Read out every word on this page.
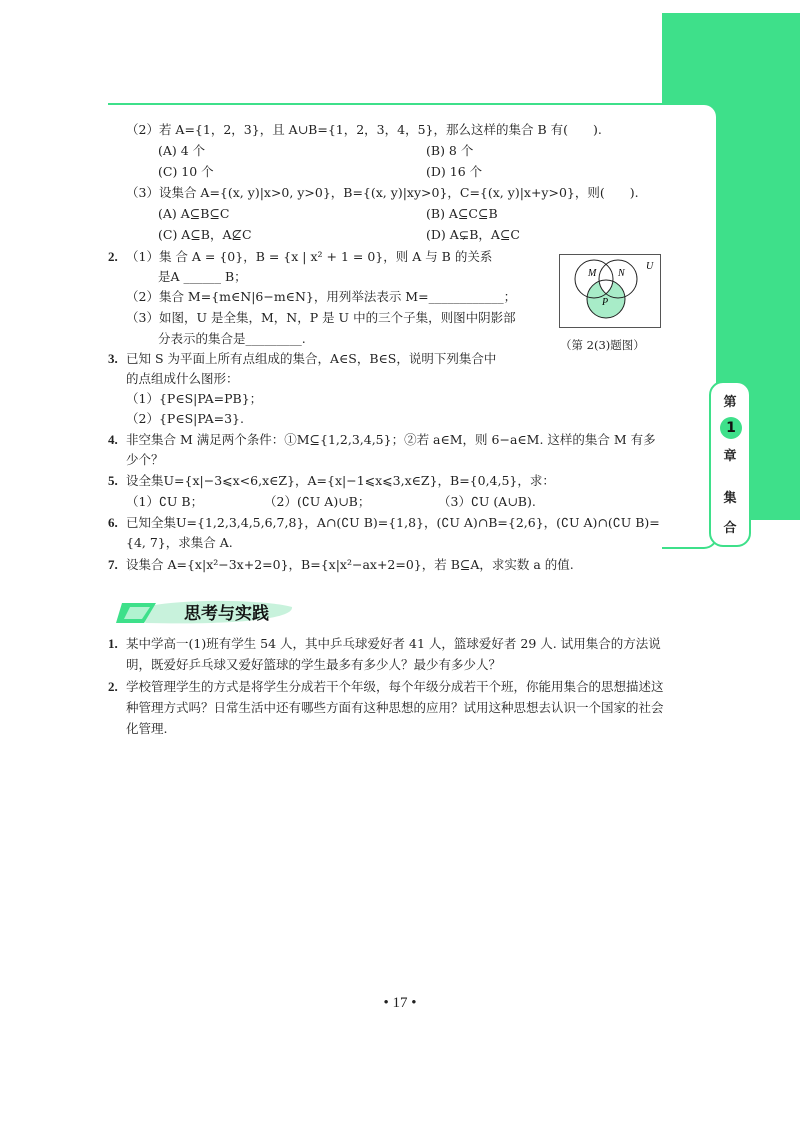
第
1
章
集
合
（2）若 A={1，2，3}，且 A∪B={1，2，3，4，5}，那么这样的集合 B 有(　　).
(A) 4 个	(B) 8 个
(C) 10 个	(D) 16 个
（3）设集合 A={(x, y)|x>0, y>0}，B={(x, y)|xy>0}，C={(x, y)|x+y>0}，则(　　).
(A) A⊆B⊆C	(B) A⊆C⊆B
(C) A⊆B，A⊈C	(D) A⊊B，A⊆C
2. （1）集 合 A = {0}，B = {x | x² + 1 = 0}，则 A 与 B 的关系
是A ______ B；
（2）集合 M={m∈N|6−m∈N}，用列举法表示 M=____________；
（3）如图，U 是全集，M，N，P 是 U 中的三个子集，则图中阴影部
分表示的集合是_________.
M N
P
U
（第 2(3)题图）
3. 已知 S 为平面上所有点组成的集合，A∈S，B∈S，说明下列集合中
的点组成什么图形：
（1）{P∈S|PA=PB}；
（2）{P∈S|PA=3}.
4. 非空集合 M 满足两个条件：①M⊆{1,2,3,4,5}；②若 a∈M，则 6−a∈M. 这样的集合 M 有多
少个？
5. 设全集U={x|−3⩽x<6,x∈Z}，A={x|−1⩽x⩽3,x∈Z}，B={0,4,5}，求：
（1）∁U B；	（2）(∁U A)∪B；	（3）∁U (A∪B).
6. 已知全集U={1,2,3,4,5,6,7,8}，A∩(∁U B)={1,8}，(∁U A)∩B={2,6}，(∁U A)∩(∁U B)=
{4, 7}，求集合 A.
7. 设集合 A={x|x²−3x+2=0}，B={x|x²−ax+2=0}，若 B⊆A，求实数 a 的值.
思考与实践
1. 某中学高一(1)班有学生 54 人，其中乒乓球爱好者 41 人，篮球爱好者 29 人. 试用集合的方法说
明，既爱好乒乓球又爱好篮球的学生最多有多少人？最少有多少人？
2. 学校管理学生的方式是将学生分成若干个年级，每个年级分成若干个班，你能用集合的思想描述这
种管理方式吗？日常生活中还有哪些方面有这种思想的应用？试用这种思想去认识一个国家的社会
化管理.
• 17 •
